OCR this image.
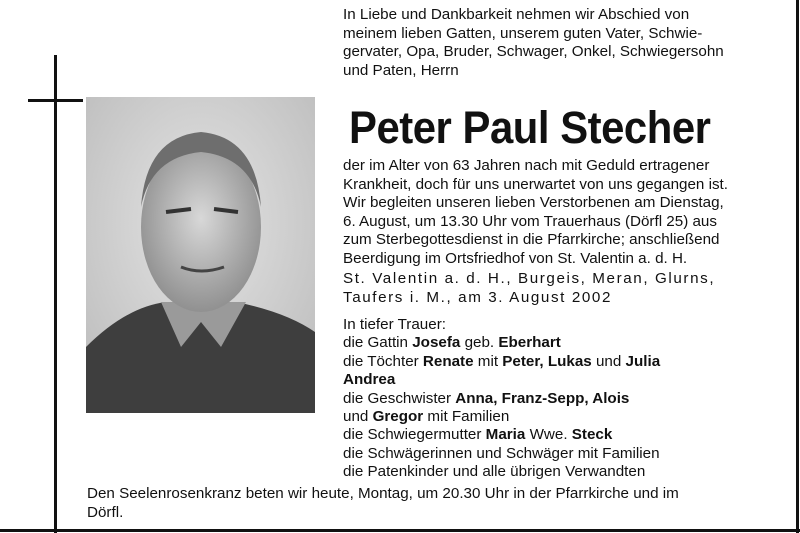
In Liebe und Dankbarkeit nehmen wir Abschied von
meinem lieben Gatten, unserem guten Vater, Schwie-
gervater, Opa, Bruder, Schwager, Onkel, Schwiegersohn
und Paten, Herrn
Peter Paul Stecher
der im Alter von 63 Jahren nach mit Geduld ertragener
Krankheit, doch für uns unerwartet von uns gegangen ist.
Wir begleiten unseren lieben Verstorbenen am Dienstag,
6. August, um 13.30 Uhr vom Trauerhaus (Dörfl 25) aus
zum Sterbegottesdienst in die Pfarrkirche; anschließend
Beerdigung im Ortsfriedhof von St. Valentin a. d. H.
St. Valentin a. d. H., Burgeis, Meran, Glurns,
Taufers i. M., am 3. August 2002
In tiefer Trauer:
die Gattin Josefa geb. Eberhart
die Töchter Renate mit Peter, Lukas und Julia
Andrea
die Geschwister Anna, Franz-Sepp, Alois
und Gregor mit Familien
die Schwiegermutter Maria Wwe. Steck
die Schwägerinnen und Schwäger mit Familien
die Patenkinder und alle übrigen Verwandten
Den Seelenrosenkranz beten wir heute, Montag, um 20.30 Uhr in der Pfarrkirche und im
Dörfl.
